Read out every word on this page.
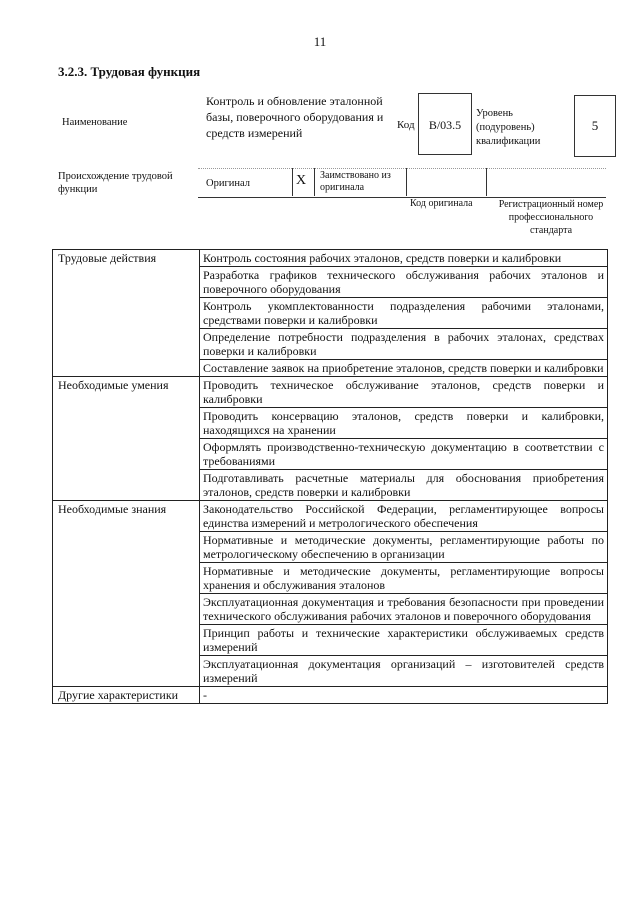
11
3.2.3. Трудовая функция
Наименование
Контроль и обновление эталонной базы, поверочного оборудования и средств измерений
Код	В/03.5
Уровень (подуровень) квалификации
5
Происхождение трудовой функции
Оригинал	X Заимствовано из оригинала
Код оригинала	Регистрационный номер профессионального стандарта
Трудовые действия	Контроль состояния рабочих эталонов, средств поверки и калибровки
	Разработка графиков технического обслуживания рабочих эталонов и поверочного оборудования
	Контроль укомплектованности подразделения рабочими эталонами, средствами поверки и калибровки
	Определение потребности подразделения в рабочих эталонах, средствах поверки и калибровки
	Составление заявок на приобретение эталонов, средств поверки и калибровки
Необходимые умения	Проводить техническое обслуживание эталонов, средств поверки и калибровки
	Проводить консервацию эталонов, средств поверки и калибровки, находящихся на хранении
	Оформлять производственно-техническую документацию в соответствии с требованиями
	Подготавливать расчетные материалы для обоснования приобретения эталонов, средств поверки и калибровки
Необходимые знания	Законодательство Российской Федерации, регламентирующее вопросы единства измерений и метрологического обеспечения
	Нормативные и методические документы, регламентирующие работы по метрологическому обеспечению в организации
	Нормативные и методические документы, регламентирующие вопросы хранения и обслуживания эталонов
	Эксплуатационная документация и требования безопасности при проведении технического обслуживания рабочих эталонов и поверочного оборудования
	Принцип работы и технические характеристики обслуживаемых средств измерений
	Эксплуатационная документация организаций – изготовителей средств измерений
Другие характеристики	-
